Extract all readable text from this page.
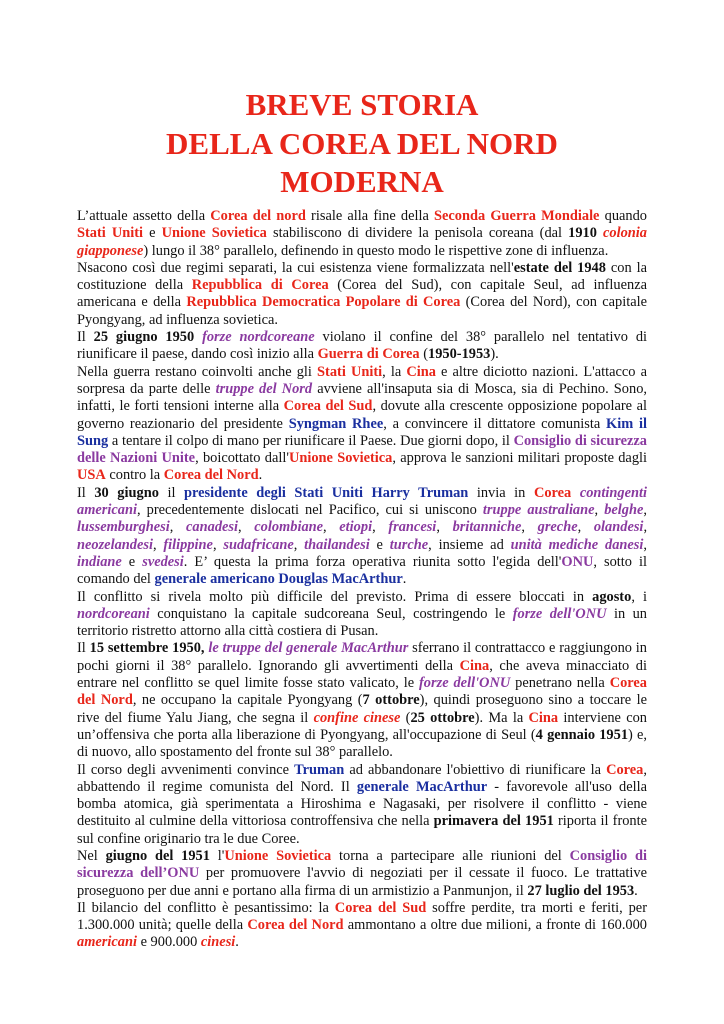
BREVE STORIA
DELLA COREA DEL NORD
MODERNA

L’attuale assetto della Corea del nord risale alla fine della Seconda Guerra Mondiale quando Stati Uniti e Unione Sovietica stabiliscono di dividere la penisola coreana (dal 1910 colonia giapponese) lungo il 38° parallelo, definendo in questo modo le rispettive zone di influenza.

Nsacono così due regimi separati, la cui esistenza viene formalizzata nell'estate del 1948 con la costituzione della Repubblica di Corea (Corea del Sud), con capitale Seul, ad influenza americana e della Repubblica Democratica Popolare di Corea (Corea del Nord), con capitale Pyongyang, ad influenza sovietica.

Il 25 giugno 1950 forze nordcoreane violano il confine del 38° parallelo nel tentativo di riunificare il paese, dando così inizio alla Guerra di Corea (1950-1953).

Nella guerra restano coinvolti anche gli Stati Uniti, la Cina e altre diciotto nazioni. L'attacco a sorpresa da parte delle truppe del Nord avviene all'insaputa sia di Mosca, sia di Pechino. Sono, infatti, le forti tensioni interne alla Corea del Sud, dovute alla crescente opposizione popolare al governo reazionario del presidente Syngman Rhee, a convincere il dittatore comunista Kim il Sung a tentare il colpo di mano per riunificare il Paese. Due giorni dopo, il Consiglio di sicurezza delle Nazioni Unite, boicottato dall'Unione Sovietica, approva le sanzioni militari proposte dagli USA contro la Corea del Nord.

Il 30 giugno il presidente degli Stati Uniti Harry Truman invia in Corea contingenti americani, precedentemente dislocati nel Pacifico, cui si uniscono truppe australiane, belghe, lussemburghesi, canadesi, colombiane, etiopi, francesi, britanniche, greche, olandesi, neozelandesi, filippine, sudafricane, thailandesi e turche, insieme ad unità mediche danesi, indiane e svedesi. E’ questa la prima forza operativa riunita sotto l'egida dell'ONU, sotto il comando del generale americano Douglas MacArthur.

Il conflitto si rivela molto più difficile del previsto. Prima di essere bloccati in agosto, i nordcoreani conquistano la capitale sudcoreana Seul, costringendo le forze dell'ONU in un territorio ristretto attorno alla città costiera di Pusan.

Il 15 settembre 1950, le truppe del generale MacArthur sferrano il contrattacco e raggiungono in pochi giorni il 38° parallelo. Ignorando gli avvertimenti della Cina, che aveva minacciato di entrare nel conflitto se quel limite fosse stato valicato, le forze dell'ONU penetrano nella Corea del Nord, ne occupano la capitale Pyongyang (7 ottobre), quindi proseguono sino a toccare le rive del fiume Yalu Jiang, che segna il confine cinese (25 ottobre). Ma la Cina interviene con un’offensiva che porta alla liberazione di Pyongyang, all'occupazione di Seul (4 gennaio 1951) e, di nuovo, allo spostamento del fronte sul 38° parallelo.

Il corso degli avvenimenti convince Truman ad abbandonare l'obiettivo di riunificare la Corea, abbattendo il regime comunista del Nord. Il generale MacArthur - favorevole all'uso della bomba atomica, già sperimentata a Hiroshima e Nagasaki, per risolvere il conflitto - viene destituito al culmine della vittoriosa controffensiva che nella primavera del 1951 riporta il fronte sul confine originario tra le due Coree.

Nel giugno del 1951 l'Unione Sovietica torna a partecipare alle riunioni del Consiglio di sicurezza dell’ONU per promuovere l'avvio di negoziati per il cessate il fuoco. Le trattative proseguono per due anni e portano alla firma di un armistizio a Panmunjon, il 27 luglio del 1953.

Il bilancio del conflitto è pesantissimo: la Corea del Sud soffre perdite, tra morti e feriti, per 1.300.000 unità; quelle della Corea del Nord ammontano a oltre due milioni, a fronte di 160.000 americani e 900.000 cinesi.
